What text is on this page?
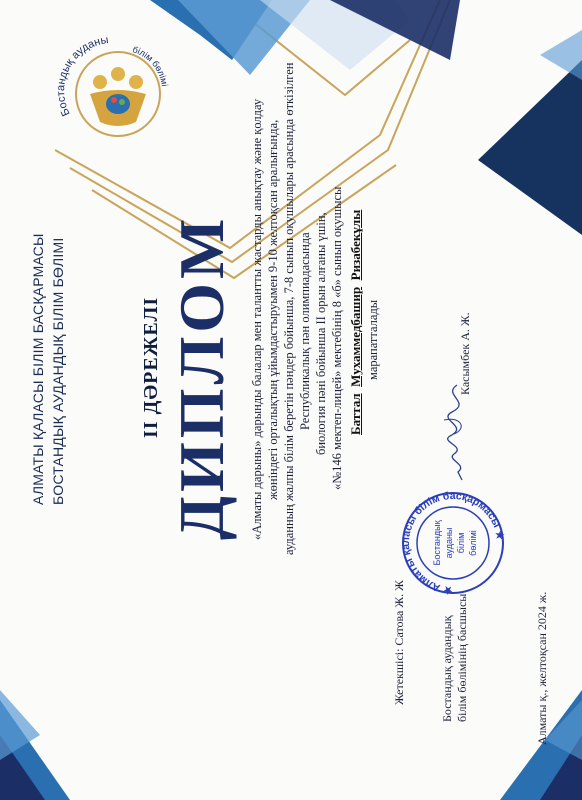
Бостандық ауданы
білім бөлімі
АЛМАТЫ ҚАЛАСЫ БІЛІМ БАСҚАРМАСЫ БОСТАНДЫҚ АУДАНДЫҚ БІЛІМ БӨЛІМІ	II ДӘРЕЖЕЛІ ДИПЛОМ «Алматы дарыны» дарынды балалар мен талантты жастарды анықтау және қолдау жөніндегі орталықтың ұйымдастыруымен 9-10 желтоқсан аралығында, ауданның жалпы білім беретін пәндер бойынша, 7-8 сынып оқушылары арасында өткізілген Республикалық пән олимпиадасында биология пәні бойынша II орын алғаны үшін, «№146 мектеп-лицей» мектебінің 8 «б» сынып оқушысы Баттал  Мухаммедбашир  Ризабекұлы
марапатталады
Жетекшісі: Сатова Ж. Ж	Бостандық аудандық білім бөлімінің басшысы
Касымбек А. Ж.
Алматы қ., желтоқсан 2024 ж.
★ Алматы қаласы білім басқармасы ★
Бостандық ауданы білім бөлімі
